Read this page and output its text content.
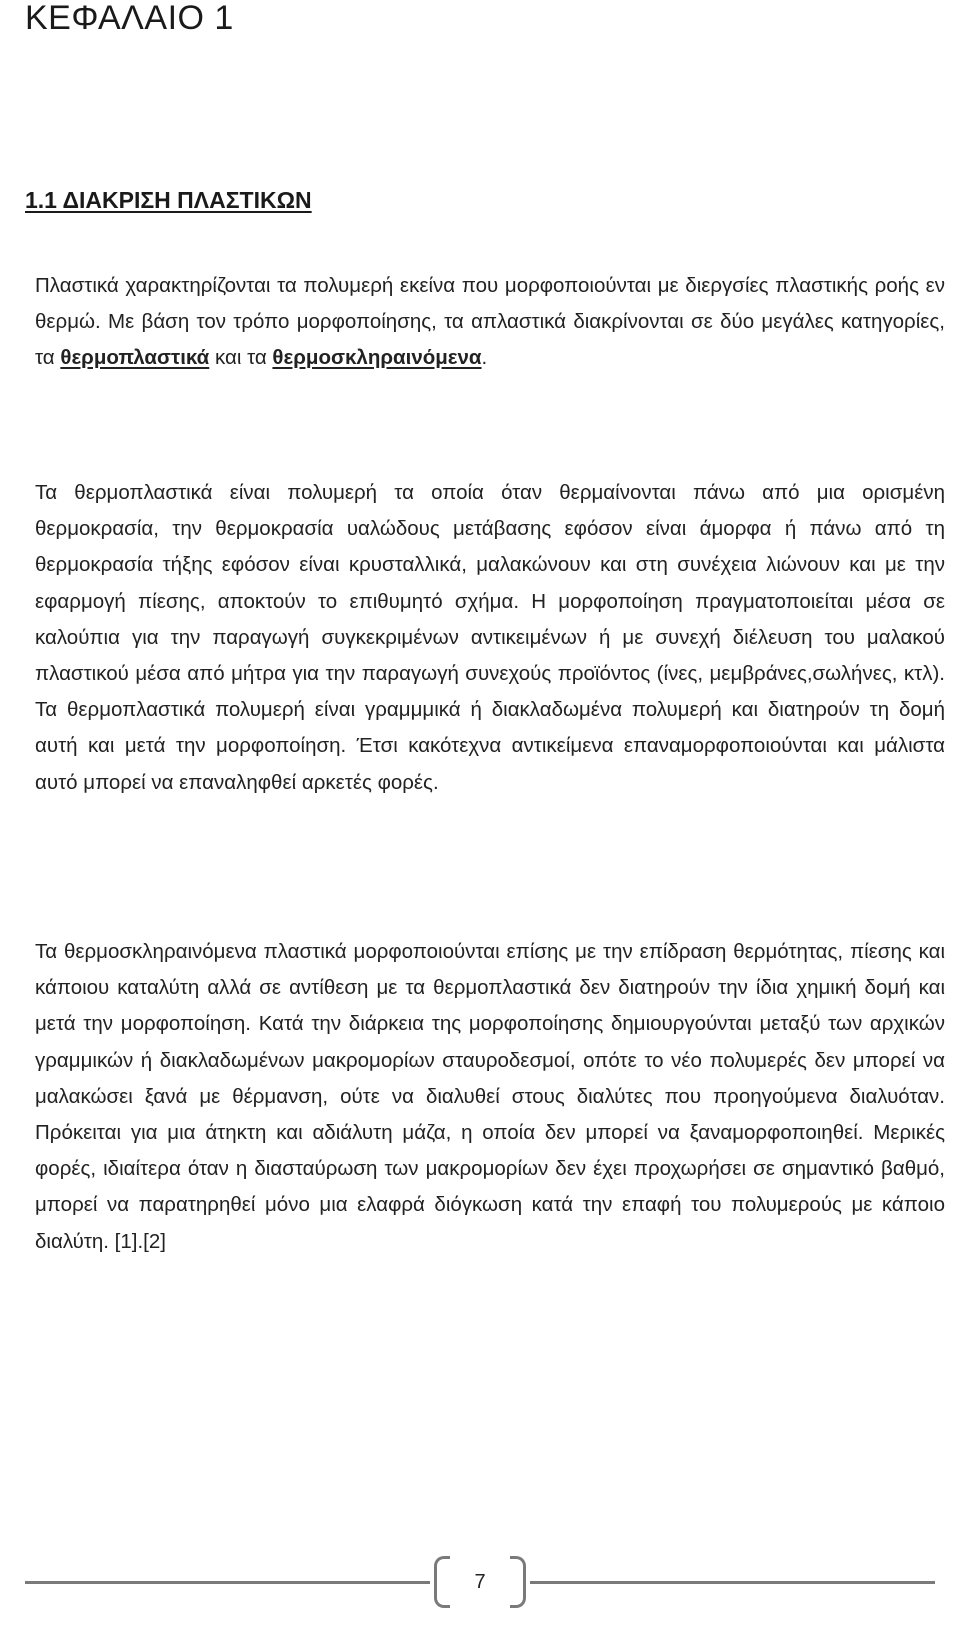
ΚΕΦΑΛΑΙΟ 1
1.1 ΔΙΑΚΡΙΣΗ ΠΛΑΣΤΙΚΩΝ

Πλαστικά χαρακτηρίζονται τα πολυμερή εκείνα που μορφοποιούνται με διεργσίες πλαστικής ροής εν θερμώ. Με βάση τον τρόπο μορφοποίησης, τα απλαστικά διακρίνονται σε δύο μεγάλες κατηγορίες, τα θερμοπλαστικά και τα θερμοσκληραινόμενα.

Τα θερμοπλαστικά είναι πολυμερή τα οποία όταν θερμαίνονται πάνω από μια ορισμένη θερμοκρασία, την θερμοκρασία υαλώδους μετάβασης εφόσον είναι άμορφα ή πάνω από τη θερμοκρασία τήξης εφόσον είναι κρυσταλλικά, μαλακώνουν και στη συνέχεια λιώνουν και με την εφαρμογή πίεσης, αποκτούν το επιθυμητό σχήμα. Η μορφοποίηση πραγματοποιείται μέσα σε καλούπια για την παραγωγή συγκεκριμένων αντικειμένων ή με συνεχή διέλευση του μαλακού πλαστικού μέσα από μήτρα για την παραγωγή συνεχούς προϊόντος (ίνες, μεμβράνες,σωλήνες, κτλ). Τα θερμοπλαστικά πολυμερή είναι γραμμμικά ή διακλαδωμένα πολυμερή και διατηρούν τη δομή αυτή και μετά την μορφοποίηση. Έτσι κακότεχνα αντικείμενα επαναμορφοποιούνται και μάλιστα αυτό μπορεί να επαναληφθεί αρκετές φορές.

Τα θερμοσκληραινόμενα πλαστικά μορφοποιούνται επίσης με την επίδραση θερμότητας, πίεσης και κάποιου καταλύτη αλλά σε αντίθεση με τα θερμοπλαστικά δεν διατηρούν την ίδια χημική δομή και μετά την μορφοποίηση. Κατά την διάρκεια της μορφοποίησης δημιουργούνται μεταξύ των αρχικών γραμμικών ή διακλαδωμένων μακρομορίων σταυροδεσμοί, οπότε το νέο πολυμερές δεν μπορεί να μαλακώσει ξανά με θέρμανση, ούτε να διαλυθεί στους διαλύτες που προηγούμενα διαλυόταν. Πρόκειται για μια άτηκτη και αδιάλυτη μάζα, η οποία δεν μπορεί να ξαναμορφοποιηθεί. Μερικές φορές, ιδιαίτερα όταν η διασταύρωση των μακρομορίων δεν έχει προχωρήσει σε σημαντικό βαθμό, μπορεί να παρατηρηθεί μόνο μια ελαφρά διόγκωση κατά την επαφή του πολυμερούς με κάποιο διαλύτη. [1].[2]

7
